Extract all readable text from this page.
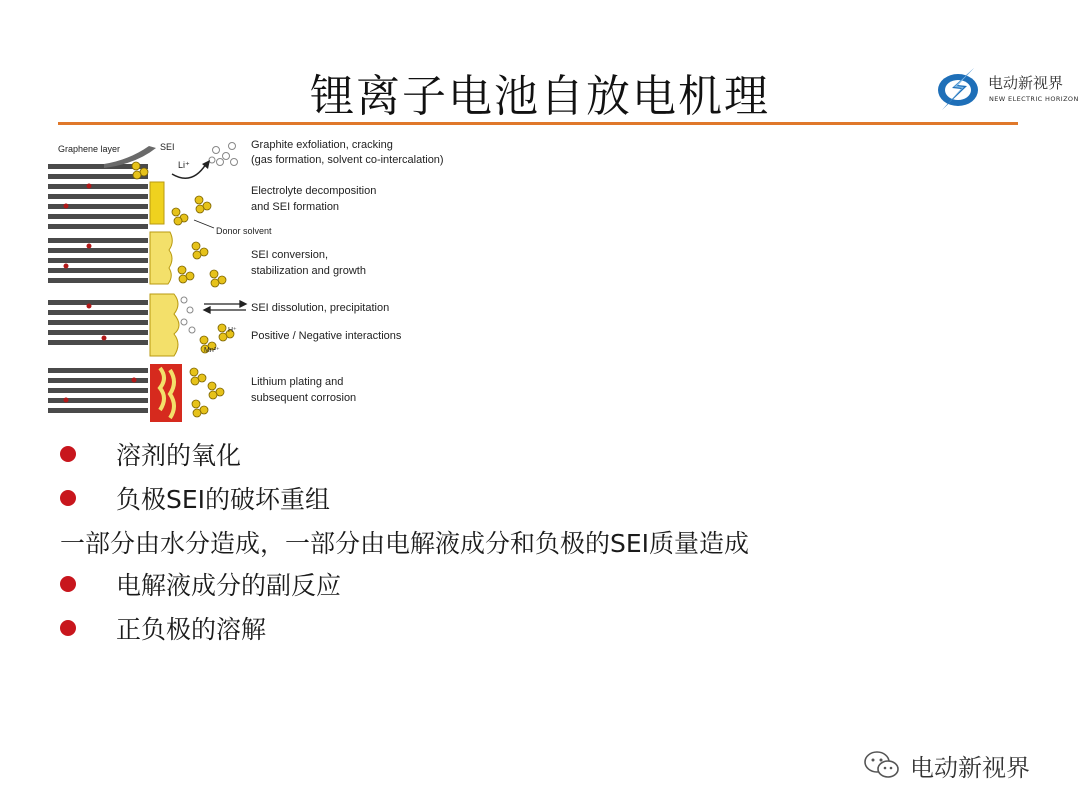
锂离子电池自放电机理	电动新视界
NEW ELECTRIC HORIZON
Graphene layer	SEI
Li⁺
Donor solvent
H⁺
Mn²⁺
Graphite exfoliation, cracking
(gas formation, solvent co-intercalation)
Electrolyte decomposition
and SEI formation
SEI conversion,
stabilization and growth
SEI dissolution, precipitation
Positive / Negative interactions
Lithium plating and
subsequent corrosion
溶剂的氧化
负极SEI的破坏重组
一部分由水分造成，一部分由电解液成分和负极的SEI质量造成
电解液成分的副反应
正负极的溶解
电动新视界
